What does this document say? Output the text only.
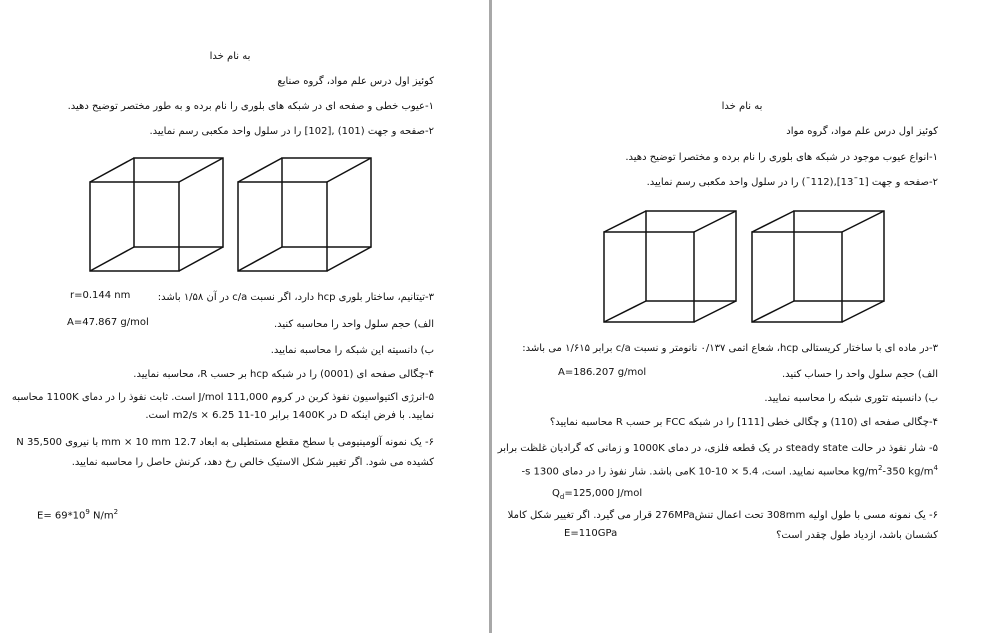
به نام خدا
کوئیز اول درس علم مواد، گروه صنایع
۱-عیوب خطی و صفحه ای در شبکه های بلوری را نام برده و به طور مختصر توضیح دهید.
۲-صفحه و جهت (101) ,[102] را در سلول واحد مکعبی رسم نمایید.
r=0.144 nm	۳-تیتانیم، ساختار بلوری hcp دارد، اگر نسبت c/a در آن ۱/۵۸ باشد:
A=47.867 g/mol	الف) حجم سلول واحد را محاسبه کنید.
ب) دانسیته این شبکه را محاسبه نمایید.
۴-چگالی صفحه ای (0001) را در شبکه hcp بر حسب R، محاسبه نمایید.
۵-انرژی اکتیواسیون نفوذ کربن در کروم 111,000 J/mol است. ثابت نفوذ را در دمای 1100K محاسبه
نمایید. با فرض اینکه D در 1400K برابر 10-11 m2/s × 6.25 است.
۶- یک نمونه آلومینیومی با سطح مقطع مستطیلی به ابعاد 12.7 mm × 10 mm با نیروی 35,500 N
کشیده می شود. اگر تغییر شکل الاستیک خالص رخ دهد، کرنش حاصل را محاسبه نمایید.
$E= 69*10^9$ $N/m^2$
به نام خدا
کوئیز اول درس علم مواد، گروه مواد
۱-انواع عیوب موجود در شبکه های بلوری را نام برده و مختصرا توضیح دهید.
۲-صفحه و جهت [1¯13],(112¯) را در سلول واحد مکعبی رسم نمایید.
۳-در ماده ای با ساختار کریستالی hcp، شعاع اتمی ۰/۱۳۷ نانومتر و نسبت c/a برابر ۱/۶۱۵ می باشد:
A=186.207 g/mol	الف) حجم سلول واحد را حساب کنید.
ب) دانسیته تئوری شبکه را محاسبه نمایید.
۴-چگالی صفحه ای (110) و چگالی خطی [111] را در شبکه FCC بر حسب R محاسبه نمایید؟
۵- شار نفوذ در حالت steady state در یک قطعه فلزی، در دمای 1000K و زمانی که گرادیان غلظت برابر
-s می باشد. شار نفوذ را در دمای 1300K محاسبه نمایید. است، 5.4 × 10-10 $kg/m^2-350$ $kg/m^4$
$Q_d=125,000$ J/mol
۶- یک نمونه مسی با طول اولیه 308mm تحت اعمال تنش276MPa قرار می گیرد. اگر تغییر شکل کاملا
E=110GPa	کشسان باشد، ازدیاد طول چقدر است؟
